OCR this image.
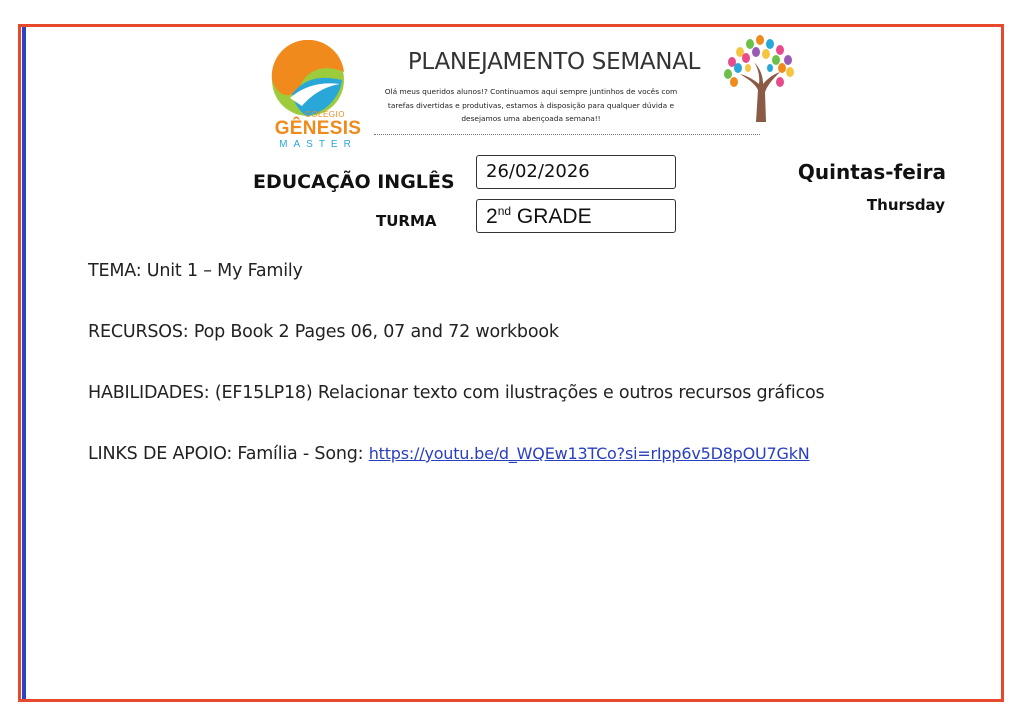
COLÉGIO
GÊNESIS
MASTER
PLANEJAMENTO SEMANAL
Olá meus queridos alunos!? Continuamos aqui sempre juntinhos de vocês com tarefas divertidas e produtivas, estamos à disposição para qualquer dúvida e desejamos uma abençoada semana!!
EDUCAÇÃO INGLÊS	26/02/2026
TURMA	2nd GRADE
Quintas-feira
Thursday
TEMA: Unit 1 – My Family
RECURSOS: Pop Book 2 Pages 06, 07 and 72 workbook
HABILIDADES: (EF15LP18) Relacionar texto com ilustrações e outros recursos gráficos
LINKS DE APOIO: Família - Song: https://youtu.be/d_WQEw13TCo?si=rIpp6v5D8pOU7GkN
